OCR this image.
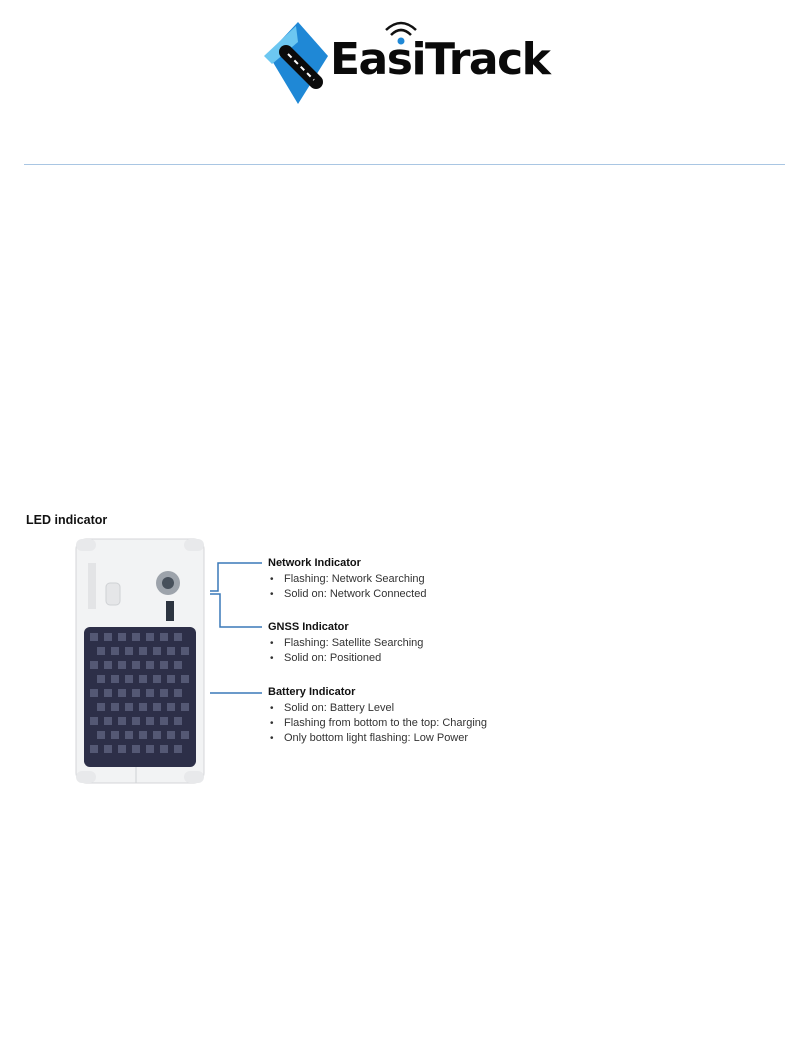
EasiTrack
LED indicator
Network Indicator
• Flashing: Network Searching
• Solid on: Network Connected
GNSS Indicator
• Flashing: Satellite Searching
• Solid on: Positioned
Battery Indicator
• Solid on: Battery Level
• Flashing from bottom to the top: Charging
• Only bottom light flashing: Low Power
